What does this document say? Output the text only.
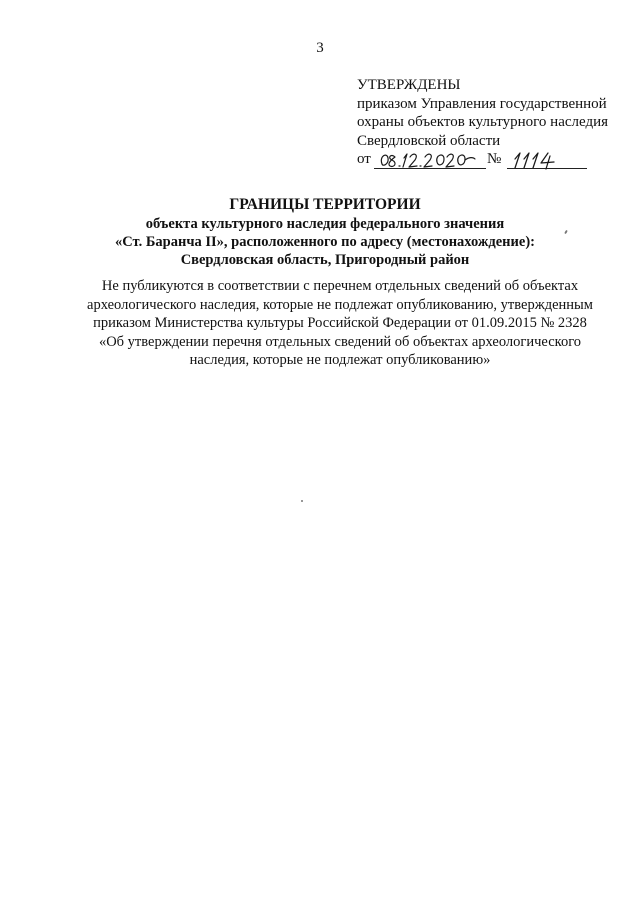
3
УТВЕРЖДЕНЫ
приказом Управления государственной
охраны объектов культурного наследия
Свердловской области
от	№
ГРАНИЦЫ ТЕРРИТОРИИ
объекта культурного наследия федерального значения
«Ст. Баранча II», расположенного по адресу (местонахождение):
Свердловская область, Пригородный район
Не публикуются в соответствии с перечнем отдельных сведений об объектах
археологического наследия, которые не подлежат опубликованию, утвержденным
приказом Министерства культуры Российской Федерации от 01.09.2015 № 2328
«Об утверждении перечня отдельных сведений об объектах археологического
наследия, которые не подлежат опубликованию»
